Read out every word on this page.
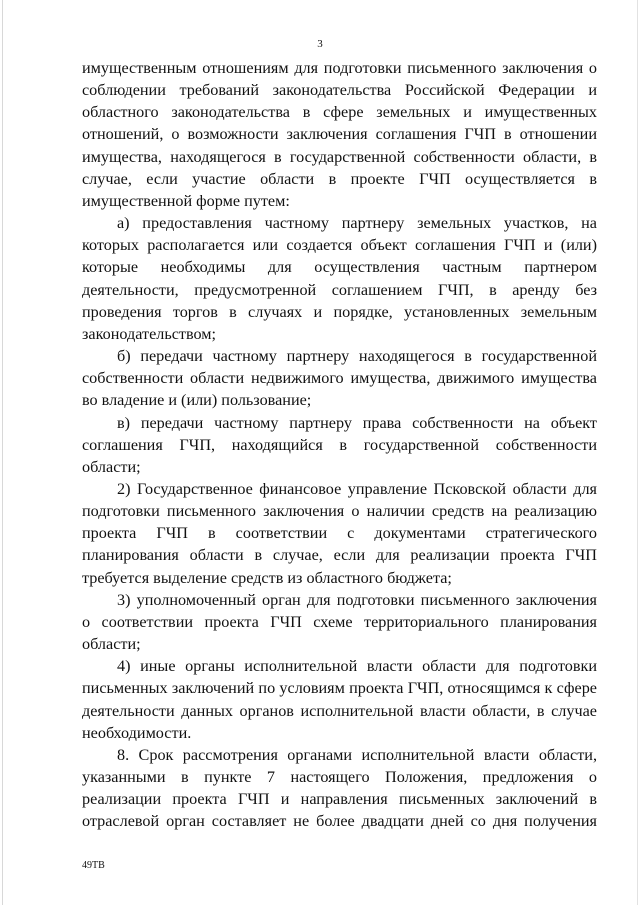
3
имущественным отношениям для подготовки письменного заключения о
соблюдении требований законодательства Российской Федерации и
областного законодательства в сфере земельных и имущественных
отношений, о возможности заключения соглашения ГЧП в отношении
имущества, находящегося в государственной собственности области, в
случае, если участие области в проекте ГЧП осуществляется в
имущественной форме путем:
а) предоставления частному партнеру земельных участков, на
которых располагается или создается объект соглашения ГЧП и (или)
которые необходимы для осуществления частным партнером
деятельности, предусмотренной соглашением ГЧП, в аренду без
проведения торгов в случаях и порядке, установленных земельным
законодательством;
б) передачи частному партнеру находящегося в государственной
собственности области недвижимого имущества, движимого имущества
во владение и (или) пользование;
в) передачи частному партнеру права собственности на объект
соглашения ГЧП, находящийся в государственной собственности
области;
2) Государственное финансовое управление Псковской области для
подготовки письменного заключения о наличии средств на реализацию
проекта ГЧП в соответствии с документами стратегического
планирования области в случае, если для реализации проекта ГЧП
требуется выделение средств из областного бюджета;
3) уполномоченный орган для подготовки письменного заключения
о соответствии проекта ГЧП схеме территориального планирования
области;
4) иные органы исполнительной власти области для подготовки
письменных заключений по условиям проекта ГЧП, относящимся к сфере
деятельности данных органов исполнительной власти области, в случае
необходимости.
8. Срок рассмотрения органами исполнительной власти области,
указанными в пункте 7 настоящего Положения, предложения о
реализации проекта ГЧП и направления письменных заключений в
отраслевой орган составляет не более двадцати дней со дня получения
49ТВ
